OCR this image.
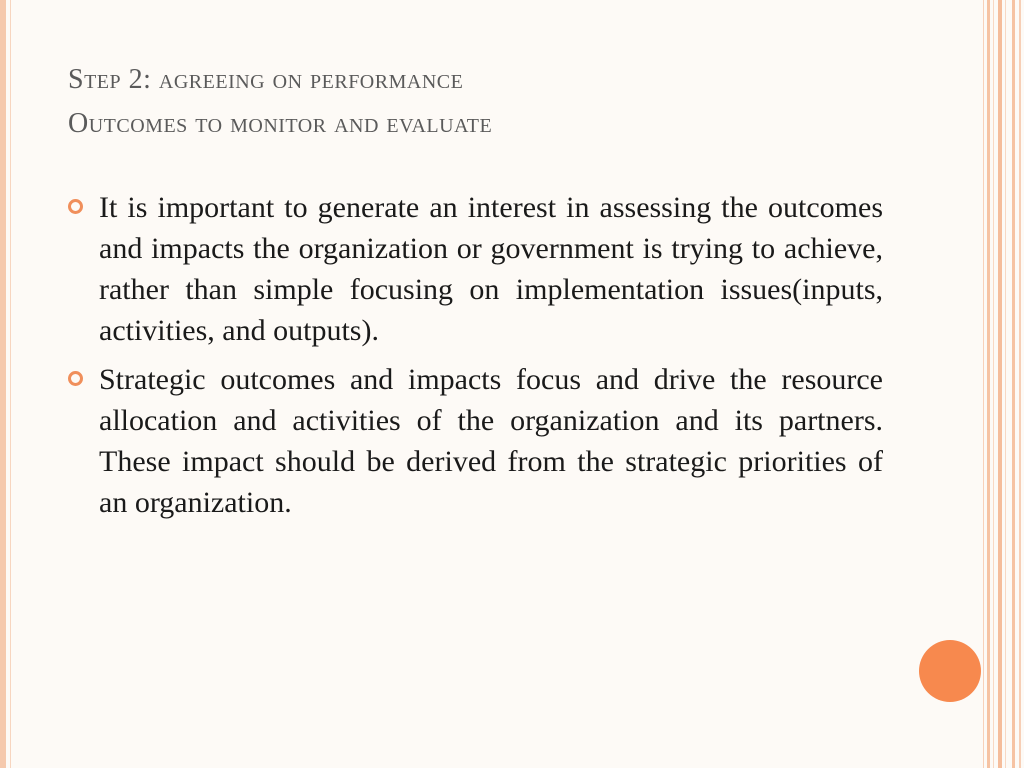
Step 2: agreeing on performance
Outcomes to monitor and evaluate
It is important to generate an interest in assessing the outcomes and impacts the organization or government is trying to achieve, rather than simple focusing on implementation issues(inputs, activities, and outputs).
Strategic outcomes and impacts focus and drive the resource allocation and activities of the organization and its partners. These impact should be derived from the strategic priorities of an organization.
